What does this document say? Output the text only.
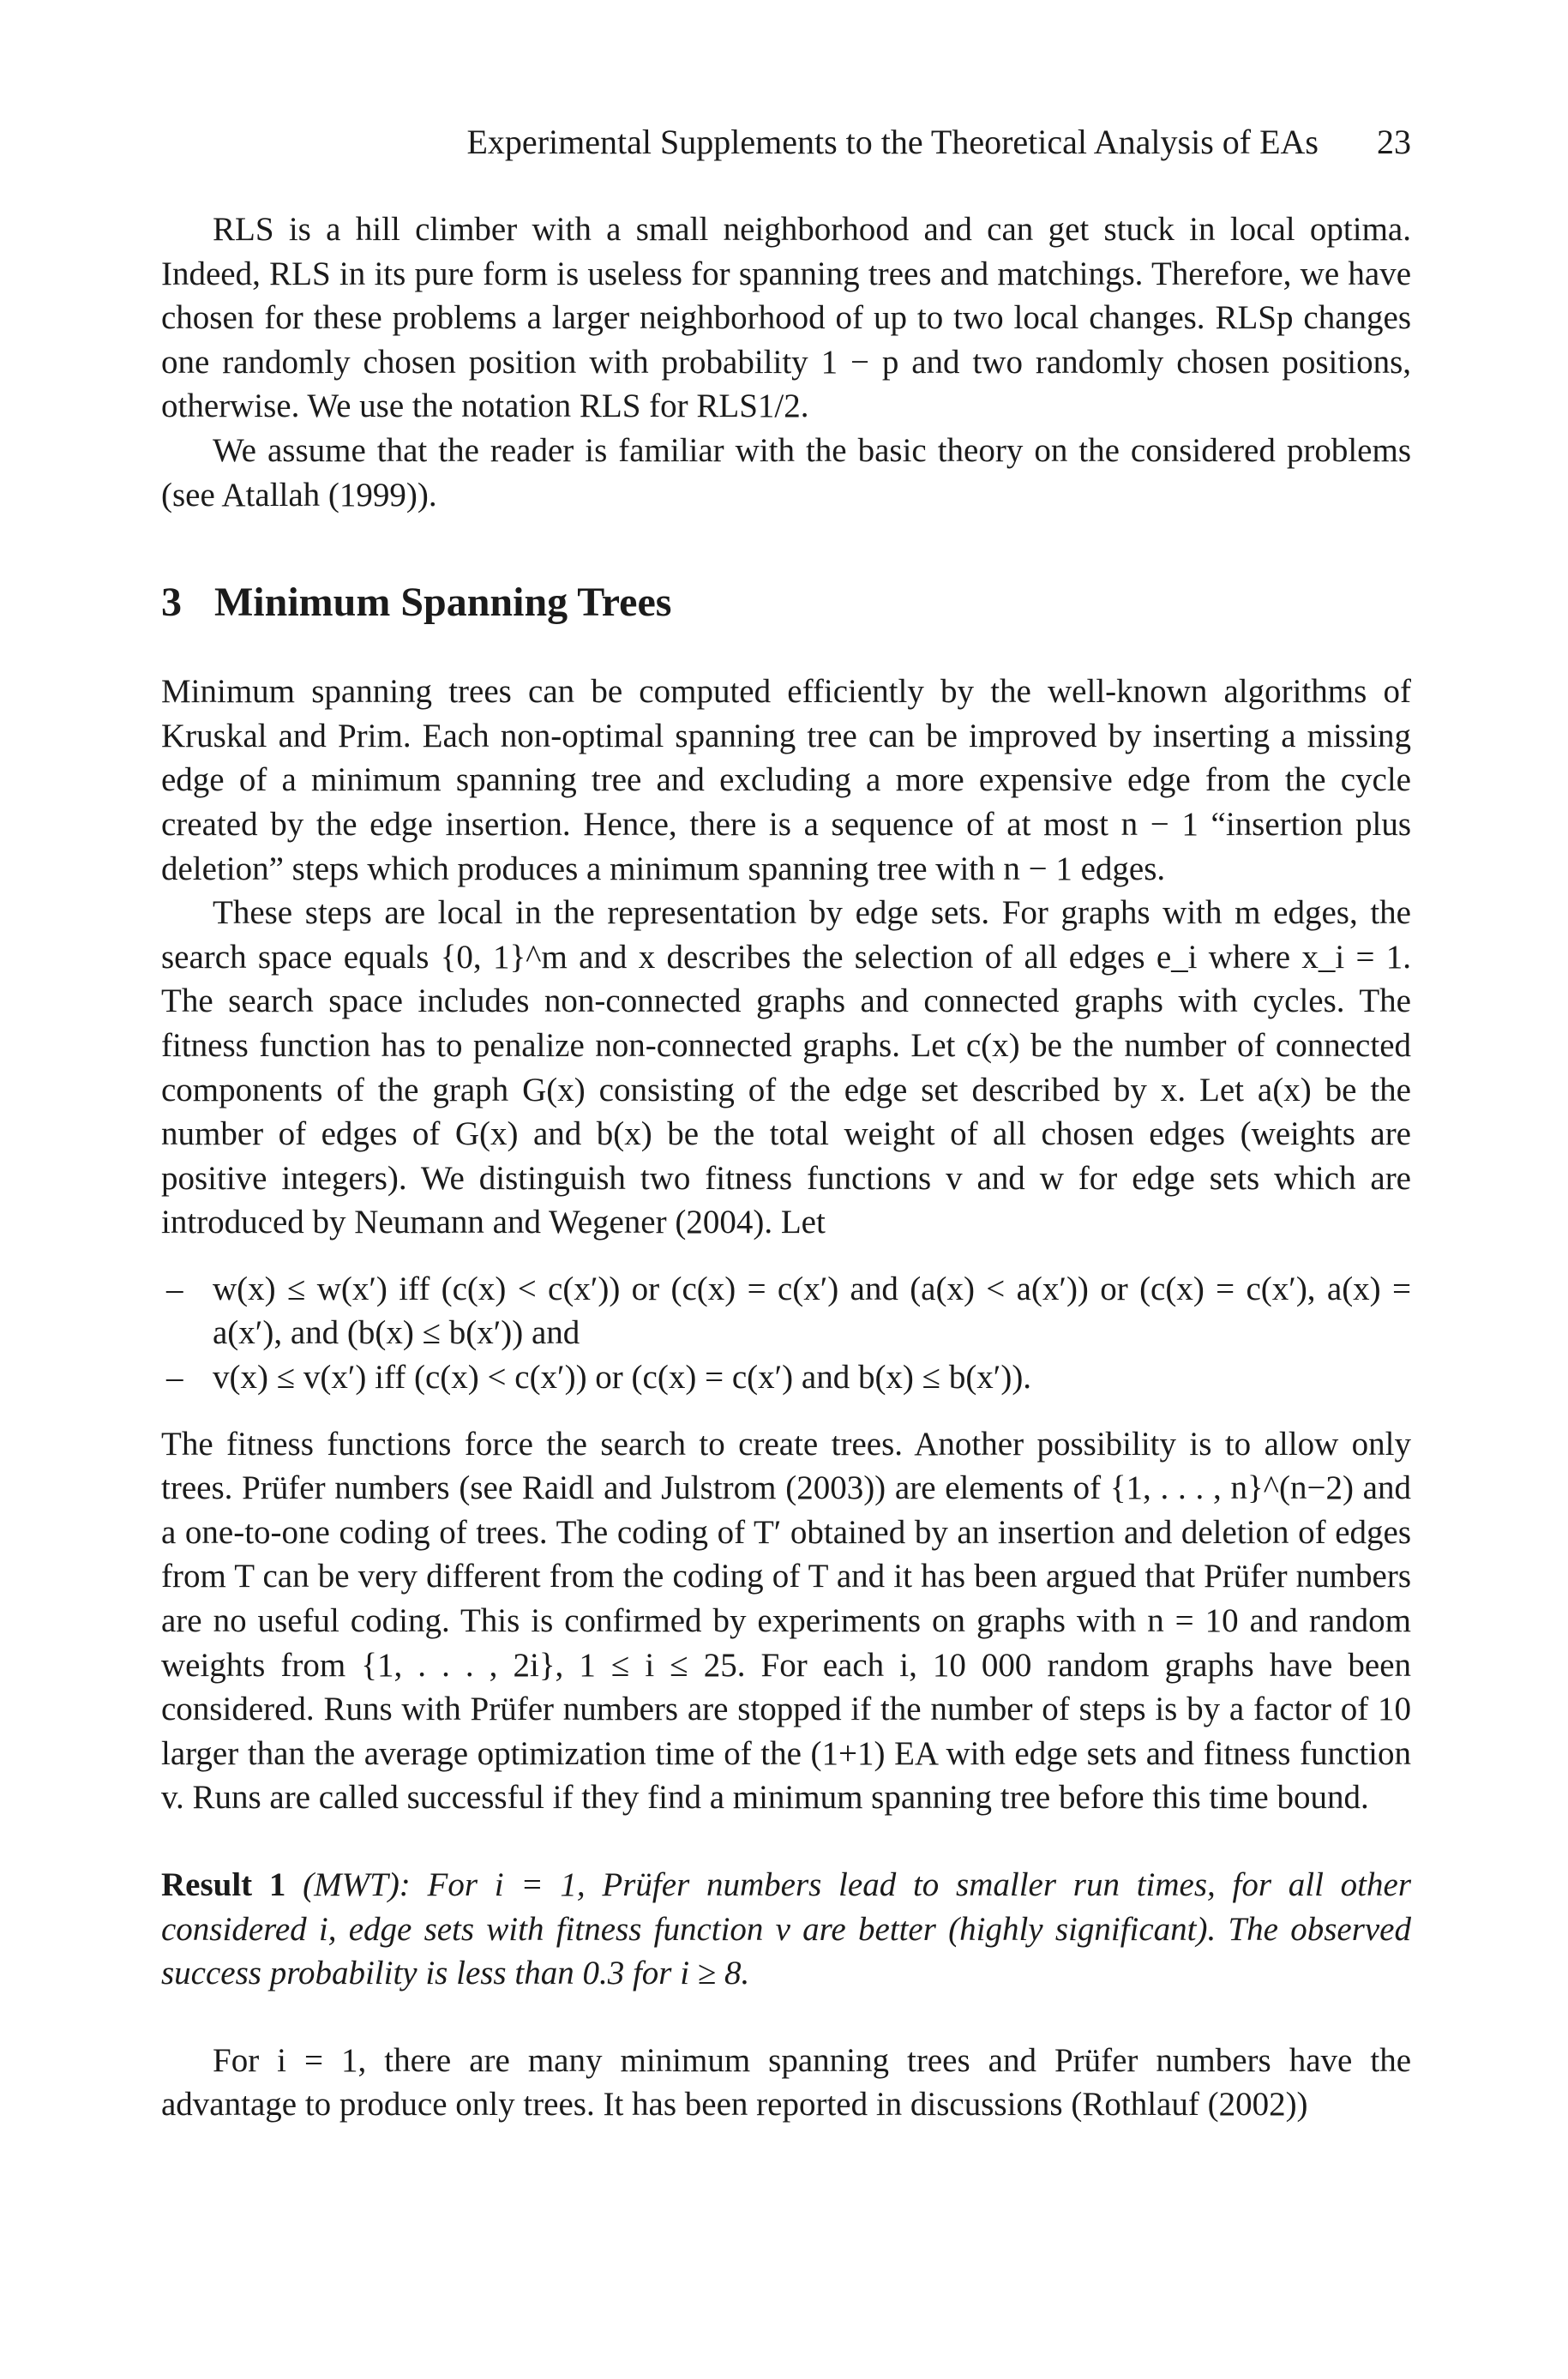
Experimental Supplements to the Theoretical Analysis of EAs 23

RLS is a hill climber with a small neighborhood and can get stuck in local optima. Indeed, RLS in its pure form is useless for spanning trees and matchings. Therefore, we have chosen for these problems a larger neighborhood of up to two local changes. RLSp changes one randomly chosen position with probability 1 − p and two randomly chosen positions, otherwise. We use the notation RLS for RLS1/2.

We assume that the reader is familiar with the basic theory on the considered problems (see Atallah (1999)).

3 Minimum Spanning Trees

Minimum spanning trees can be computed efficiently by the well-known algorithms of Kruskal and Prim. Each non-optimal spanning tree can be improved by inserting a missing edge of a minimum spanning tree and excluding a more expensive edge from the cycle created by the edge insertion. Hence, there is a sequence of at most n − 1 “insertion plus deletion” steps which produces a minimum spanning tree with n − 1 edges.

These steps are local in the representation by edge sets. For graphs with m edges, the search space equals {0, 1}^m and x describes the selection of all edges e_i where x_i = 1. The search space includes non-connected graphs and connected graphs with cycles. The fitness function has to penalize non-connected graphs. Let c(x) be the number of connected components of the graph G(x) consisting of the edge set described by x. Let a(x) be the number of edges of G(x) and b(x) be the total weight of all chosen edges (weights are positive integers). We distinguish two fitness functions v and w for edge sets which are introduced by Neumann and Wegener (2004). Let

– w(x) ≤ w(x′) iff (c(x) < c(x′)) or (c(x) = c(x′) and (a(x) < a(x′)) or (c(x) = c(x′), a(x) = a(x′), and (b(x) ≤ b(x′)) and
– v(x) ≤ v(x′) iff (c(x) < c(x′)) or (c(x) = c(x′) and b(x) ≤ b(x′)).

The fitness functions force the search to create trees. Another possibility is to allow only trees. Prüfer numbers (see Raidl and Julstrom (2003)) are elements of {1, . . . , n}^(n−2) and a one-to-one coding of trees. The coding of T′ obtained by an insertion and deletion of edges from T can be very different from the coding of T and it has been argued that Prüfer numbers are no useful coding. This is confirmed by experiments on graphs with n = 10 and random weights from {1, . . . , 2i}, 1 ≤ i ≤ 25. For each i, 10 000 random graphs have been considered. Runs with Prüfer numbers are stopped if the number of steps is by a factor of 10 larger than the average optimization time of the (1+1) EA with edge sets and fitness function v. Runs are called successful if they find a minimum spanning tree before this time bound.

Result 1 (MWT): For i = 1, Prüfer numbers lead to smaller run times, for all other considered i, edge sets with fitness function v are better (highly significant). The observed success probability is less than 0.3 for i ≥ 8.

For i = 1, there are many minimum spanning trees and Prüfer numbers have the advantage to produce only trees. It has been reported in discussions (Rothlauf (2002))
